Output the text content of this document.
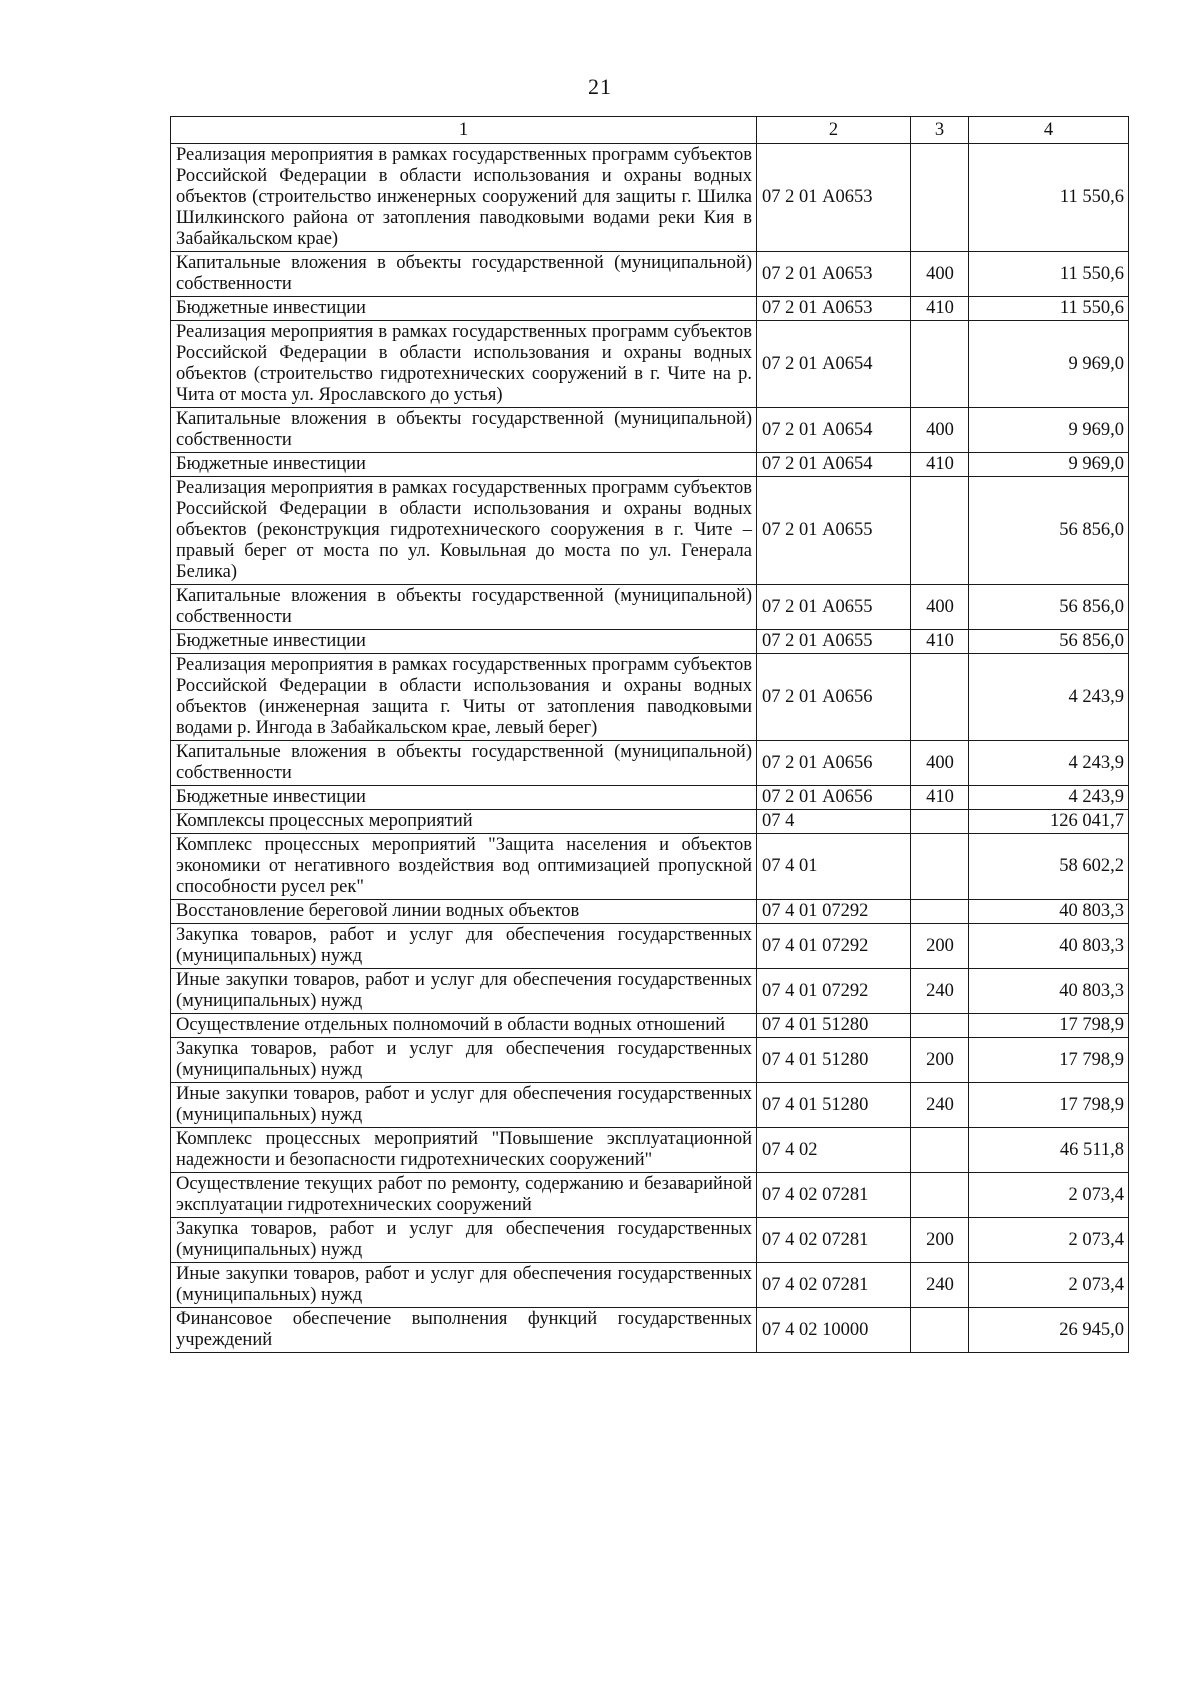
21
1	2	3	4
Реализация мероприятия в рамках государственных программ субъектов Российской Федерации в области использования и охраны водных объектов (строительство инженерных сооружений для защиты г. Шилка Шилкинского района от затопления паводковыми водами реки Кия в Забайкальском крае)	07 2 01 А0653		11 550,6
Капитальные вложения в объекты государственной (муниципальной) собственности	07 2 01 А0653	400	11 550,6
Бюджетные инвестиции	07 2 01 А0653	410	11 550,6
Реализация мероприятия в рамках государственных программ субъектов Российской Федерации в области использования и охраны водных объектов (строительство гидротехнических сооружений в г. Чите на р. Чита от моста ул. Ярославского до устья)	07 2 01 А0654		9 969,0
Капитальные вложения в объекты государственной (муниципальной) собственности	07 2 01 А0654	400	9 969,0
Бюджетные инвестиции	07 2 01 А0654	410	9 969,0
Реализация мероприятия в рамках государственных программ субъектов Российской Федерации в области использования и охраны водных объектов (реконструкция гидротехнического сооружения в г. Чите – правый берег от моста по ул. Ковыльная до моста по ул. Генерала Белика)	07 2 01 А0655		56 856,0
Капитальные вложения в объекты государственной (муниципальной) собственности	07 2 01 А0655	400	56 856,0
Бюджетные инвестиции	07 2 01 А0655	410	56 856,0
Реализация мероприятия в рамках государственных программ субъектов Российской Федерации в области использования и охраны водных объектов (инженерная защита г. Читы от затопления паводковыми водами р. Ингода в Забайкальском крае, левый берег)	07 2 01 А0656		4 243,9
Капитальные вложения в объекты государственной (муниципальной) собственности	07 2 01 А0656	400	4 243,9
Бюджетные инвестиции	07 2 01 А0656	410	4 243,9
Комплексы процессных мероприятий	07 4		126 041,7
Комплекс процессных мероприятий "Защита населения и объектов экономики от негативного воздействия вод оптимизацией пропускной способности русел рек"	07 4 01		58 602,2
Восстановление береговой линии водных объектов	07 4 01 07292		40 803,3
Закупка товаров, работ и услуг для обеспечения государственных (муниципальных) нужд	07 4 01 07292	200	40 803,3
Иные закупки товаров, работ и услуг для обеспечения государственных (муниципальных) нужд	07 4 01 07292	240	40 803,3
Осуществление отдельных полномочий в области водных отношений	07 4 01 51280		17 798,9
Закупка товаров, работ и услуг для обеспечения государственных (муниципальных) нужд	07 4 01 51280	200	17 798,9
Иные закупки товаров, работ и услуг для обеспечения государственных (муниципальных) нужд	07 4 01 51280	240	17 798,9
Комплекс процессных мероприятий "Повышение эксплуатационной надежности и безопасности гидротехнических сооружений"	07 4 02		46 511,8
Осуществление текущих работ по ремонту, содержанию и безаварийной эксплуатации гидротехнических сооружений	07 4 02 07281		2 073,4
Закупка товаров, работ и услуг для обеспечения государственных (муниципальных) нужд	07 4 02 07281	200	2 073,4
Иные закупки товаров, работ и услуг для обеспечения государственных (муниципальных) нужд	07 4 02 07281	240	2 073,4
Финансовое обеспечение выполнения функций государственных учреждений	07 4 02 10000		26 945,0
